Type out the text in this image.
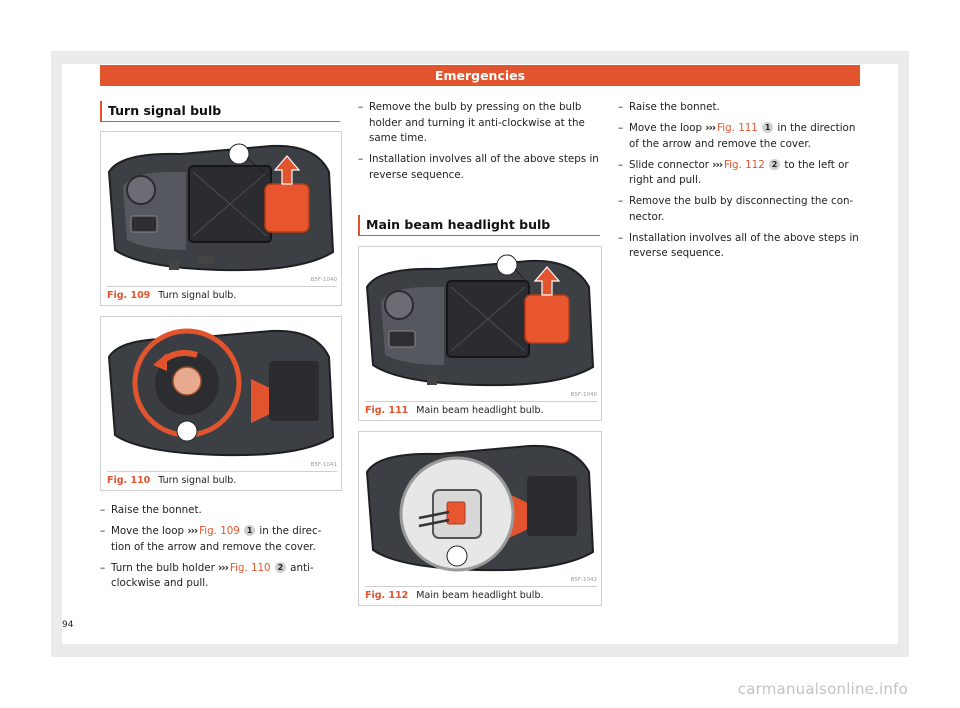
Emergencies
Turn signal bulb
B5F-1040
Fig. 109 Turn signal bulb.
B5F-1041
Fig. 110 Turn signal bulb.
– Raise the bonnet.
– Move the loop ››› Fig. 109 1 in the direc-tion of the arrow and remove the cover.
– Turn the bulb holder ››› Fig. 110 2 anti-clockwise and pull.
– Remove the bulb by pressing on the bulb holder and turning it anti-clockwise at the same time.
– Installation involves all of the above steps in reverse sequence.
Main beam headlight bulb
B5F-1040
Fig. 111 Main beam headlight bulb.
B5F-1042
Fig. 112 Main beam headlight bulb.
– Raise the bonnet.
– Move the loop ››› Fig. 111 1 in the direction of the arrow and remove the cover.
– Slide connector ››› Fig. 112 2 to the left or right and pull.
– Remove the bulb by disconnecting the con-nector.
– Installation involves all of the above steps in reverse sequence.
94
carmanualsonline.info
